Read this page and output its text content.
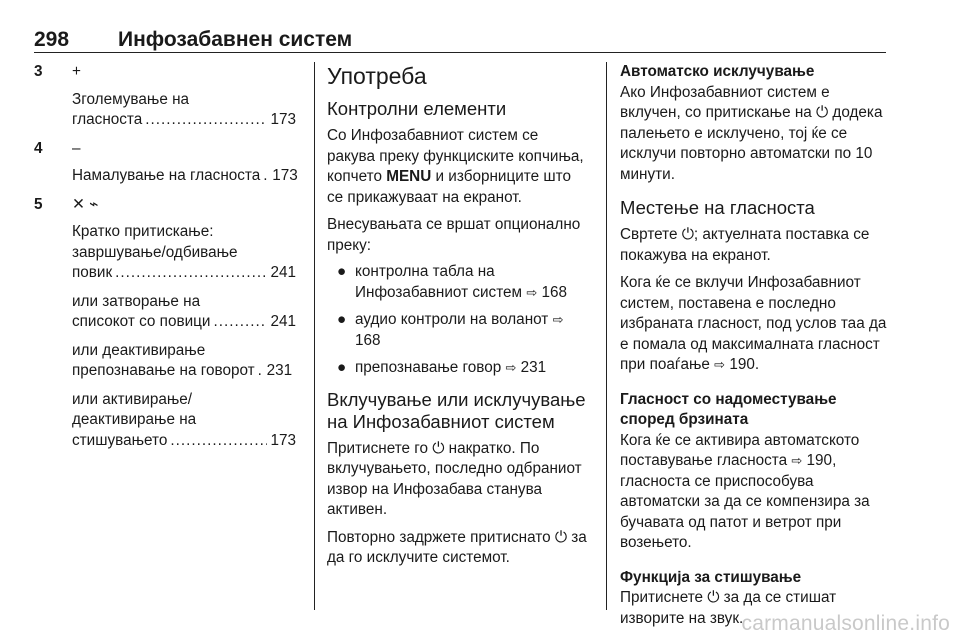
298 Инфозабавнен систем
3 +

Зголемување на

гласноста .....	173

4 –

Намалување на гласноста ..... 173

5 ✕ ⌁

Кратко притискање:

завршување/одбивање

повик .....	241

или затворање на

списокот со повици .....	241

или деактивирање

препознавање на говорот ..... 231

или активирање/

деактивирање на

стишувањето .....	173

Употреба
Контролни елементи

Со Инфозабавниот систем се ракува преку функциските копчиња, копчето MENU и изборниците што се прикажуваат на екранот.

Внесувањата се вршат опционално преку:

● контролна табла на Инфозабавниот систем ⇨ 168
● аудио контроли на воланот ⇨ 168
● препознавање говор ⇨ 231
Вклучување или исклучување на Инфозабавниот систем

Притиснете го ⏻ накратко. По вклучувањето, последно одбраниот извор на Инфозабава станува активен.

Повторно задржете притиснато ⏻ за да го исклучите системот.

Автоматско исклучување

Ако Инфозабавниот систем е вклучен, со притискање на ⏻ додека палењето е исклучено, тој ќе се исклучи повторно автоматски по 10 минути.

Местење на гласноста

Свртете ⏻; актуелната поставка се покажува на екранот.

Кога ќе се вклучи Инфозабавниот систем, поставена е последно избраната гласност, под услов таа да е помала од максималната гласност при поаѓање ⇨ 190.

Гласност со надоместување според брзината

Кога ќе се активира автоматското поставување гласноста ⇨ 190, гласноста се приспособува автоматски за да се компензира за бучавата од патот и ветрот при возењето.

Функција за стишување

Притиснете ⏻ за да се стишат изворите на звук.

carmanualsonline.info
